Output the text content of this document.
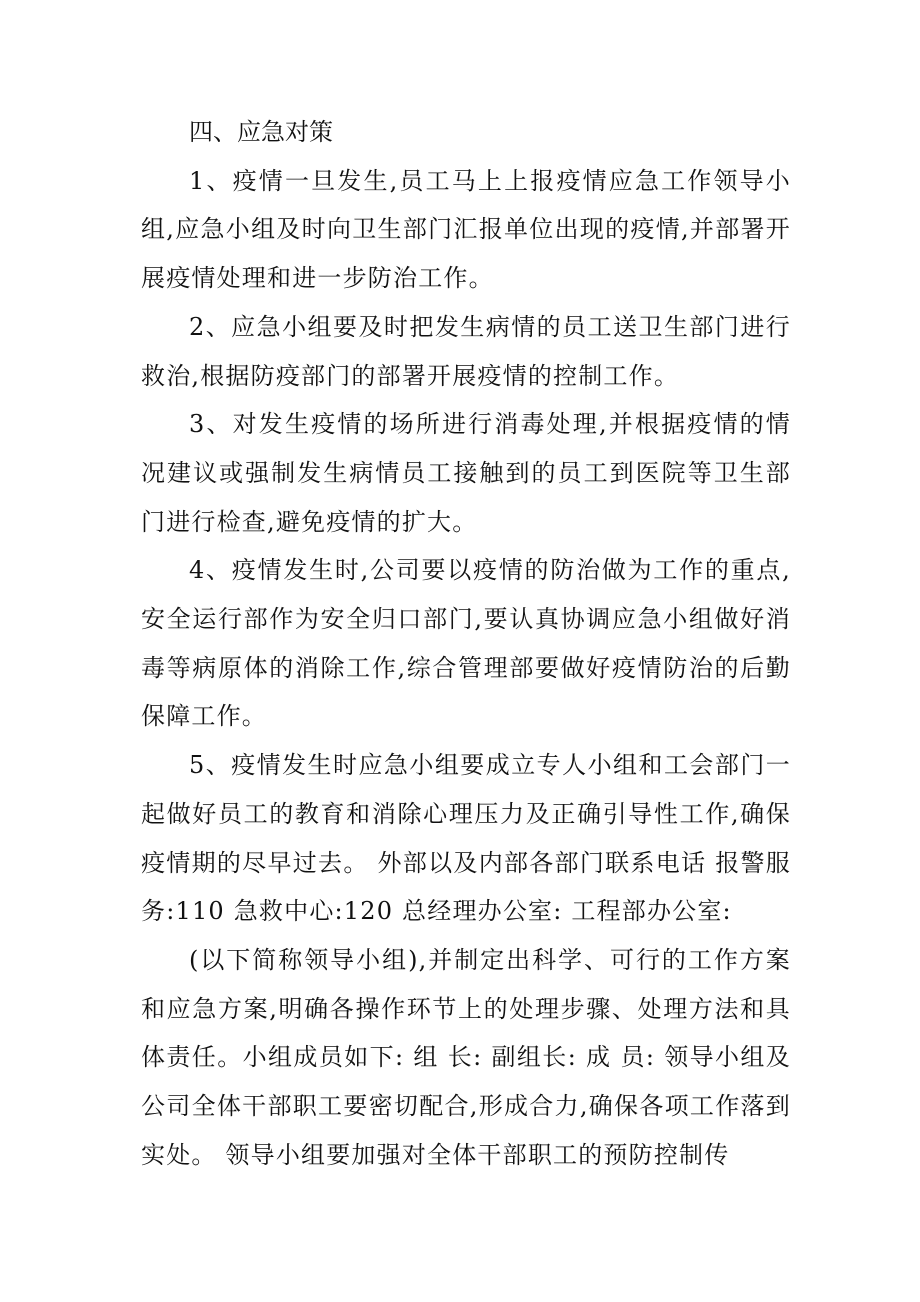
四、应急对策

1、疫情一旦发生,员工马上上报疫情应急工作领导小组,应急小组及时向卫生部门汇报单位出现的疫情,并部署开展疫情处理和进一步防治工作。

2、应急小组要及时把发生病情的员工送卫生部门进行救治,根据防疫部门的部署开展疫情的控制工作。

3、对发生疫情的场所进行消毒处理,并根据疫情的情况建议或强制发生病情员工接触到的员工到医院等卫生部门进行检查,避免疫情的扩大。

4、疫情发生时,公司要以疫情的防治做为工作的重点,安全运行部作为安全归口部门,要认真协调应急小组做好消毒等病原体的消除工作,综合管理部要做好疫情防治的后勤保障工作。

5、疫情发生时应急小组要成立专人小组和工会部门一起做好员工的教育和消除心理压力及正确引导性工作,确保疫情期的尽早过去。 外部以及内部各部门联系电话 报警服务:110 急救中心:120 总经理办公室: 工程部办公室:

(以下简称领导小组),并制定出科学、可行的工作方案和应急方案,明确各操作环节上的处理步骤、处理方法和具体责任。小组成员如下: 组 长: 副组长: 成 员: 领导小组及公司全体干部职工要密切配合,形成合力,确保各项工作落到实处。 领导小组要加强对全体干部职工的预防控制传
